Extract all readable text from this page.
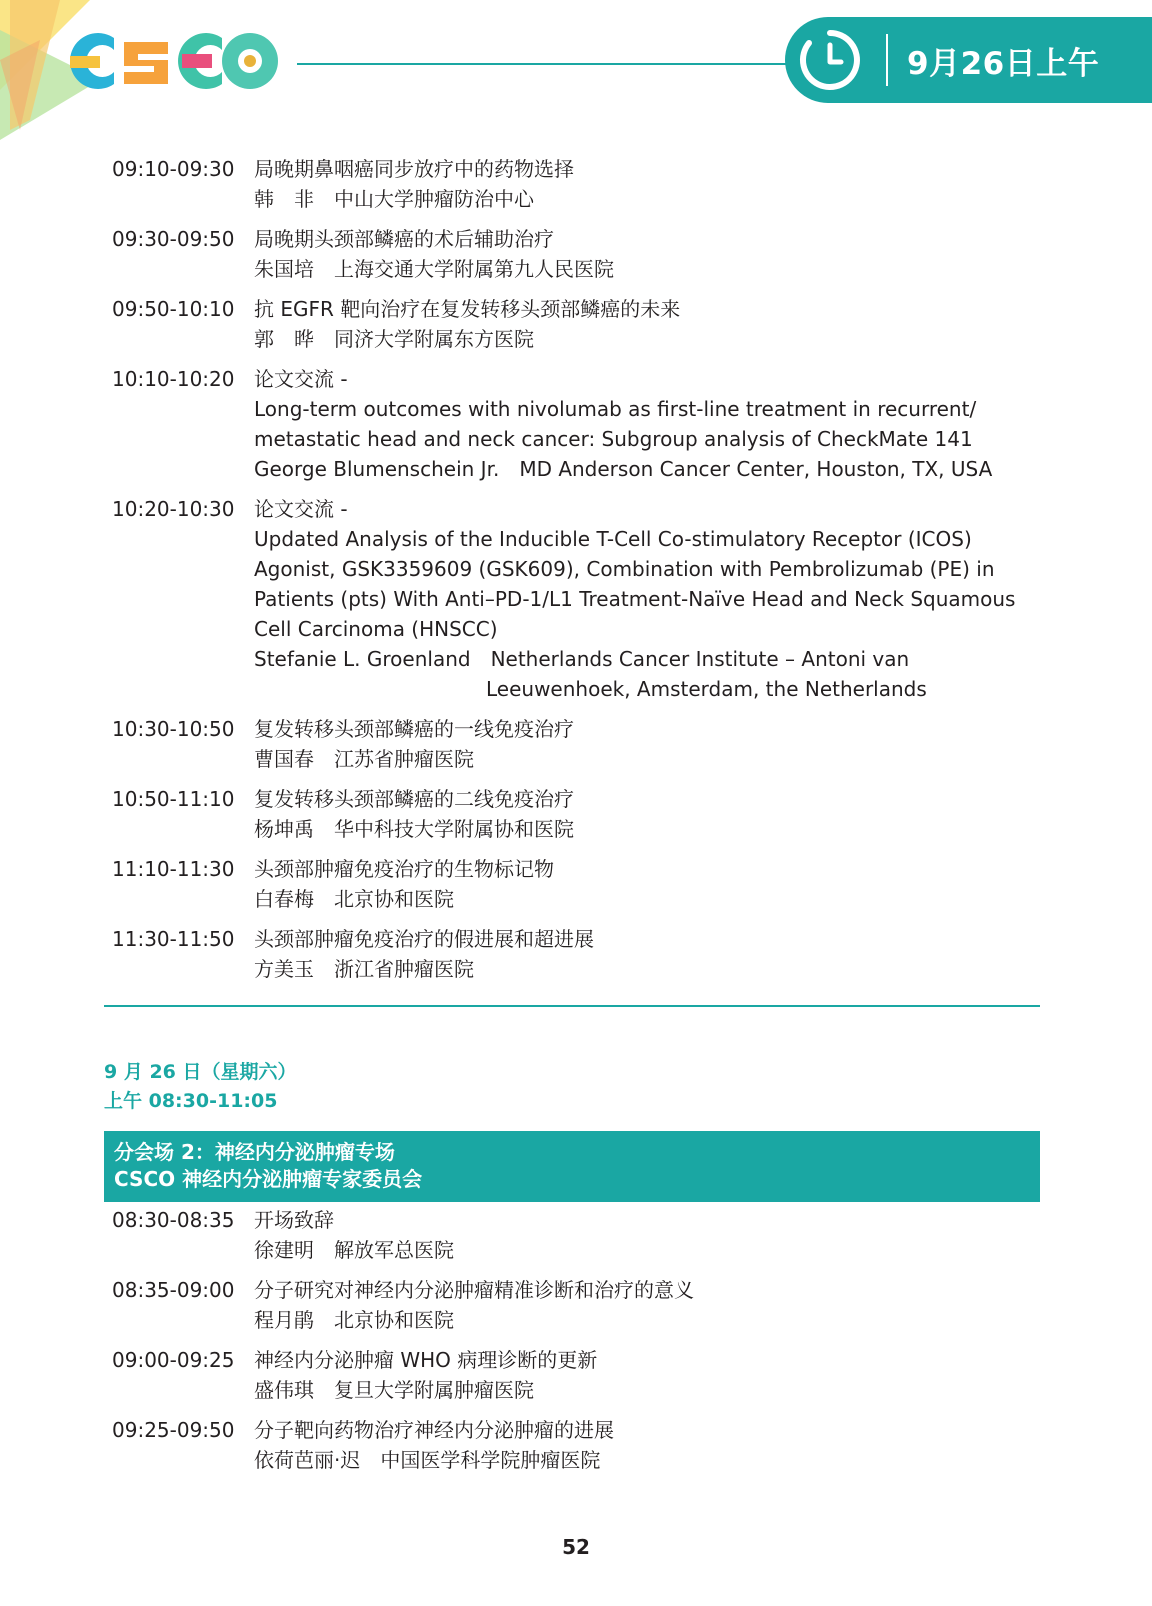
CSCO
9月26日上午
09:10-09:30 局晚期鼻咽癌同步放疗中的药物选择
韩　非　中山大学肿瘤防治中心
09:30-09:50 局晚期头颈部鳞癌的术后辅助治疗
朱国培　上海交通大学附属第九人民医院
09:50-10:10 抗 EGFR 靶向治疗在复发转移头颈部鳞癌的未来
郭　晔　同济大学附属东方医院
10:10-10:20 论文交流 -
Long-term outcomes with nivolumab as first-line treatment in recurrent/
metastatic head and neck cancer: Subgroup analysis of CheckMate 141
George Blumenschein Jr.　MD Anderson Cancer Center, Houston, TX, USA
10:20-10:30 论文交流 -
Updated Analysis of the Inducible T-Cell Co-stimulatory Receptor (ICOS)
Agonist, GSK3359609 (GSK609), Combination with Pembrolizumab (PE) in
Patients (pts) With Anti–PD-1/L1 Treatment-Naïve Head and Neck Squamous
Cell Carcinoma (HNSCC)
Stefanie L. Groenland　Netherlands Cancer Institute – Antoni van
Leeuwenhoek, Amsterdam, the Netherlands
10:30-10:50 复发转移头颈部鳞癌的一线免疫治疗
曹国春　江苏省肿瘤医院
10:50-11:10 复发转移头颈部鳞癌的二线免疫治疗
杨坤禹　华中科技大学附属协和医院
11:10-11:30 头颈部肿瘤免疫治疗的生物标记物
白春梅　北京协和医院
11:30-11:50 头颈部肿瘤免疫治疗的假进展和超进展
方美玉　浙江省肿瘤医院
9 月 26 日（星期六）
上午 08:30-11:05
分会场 2：神经内分泌肿瘤专场
CSCO 神经内分泌肿瘤专家委员会
08:30-08:35 开场致辞
徐建明　解放军总医院
08:35-09:00 分子研究对神经内分泌肿瘤精准诊断和治疗的意义
程月鹃　北京协和医院
09:00-09:25 神经内分泌肿瘤 WHO 病理诊断的更新
盛伟琪　复旦大学附属肿瘤医院
09:25-09:50 分子靶向药物治疗神经内分泌肿瘤的进展
依荷芭丽·迟　中国医学科学院肿瘤医院
52
